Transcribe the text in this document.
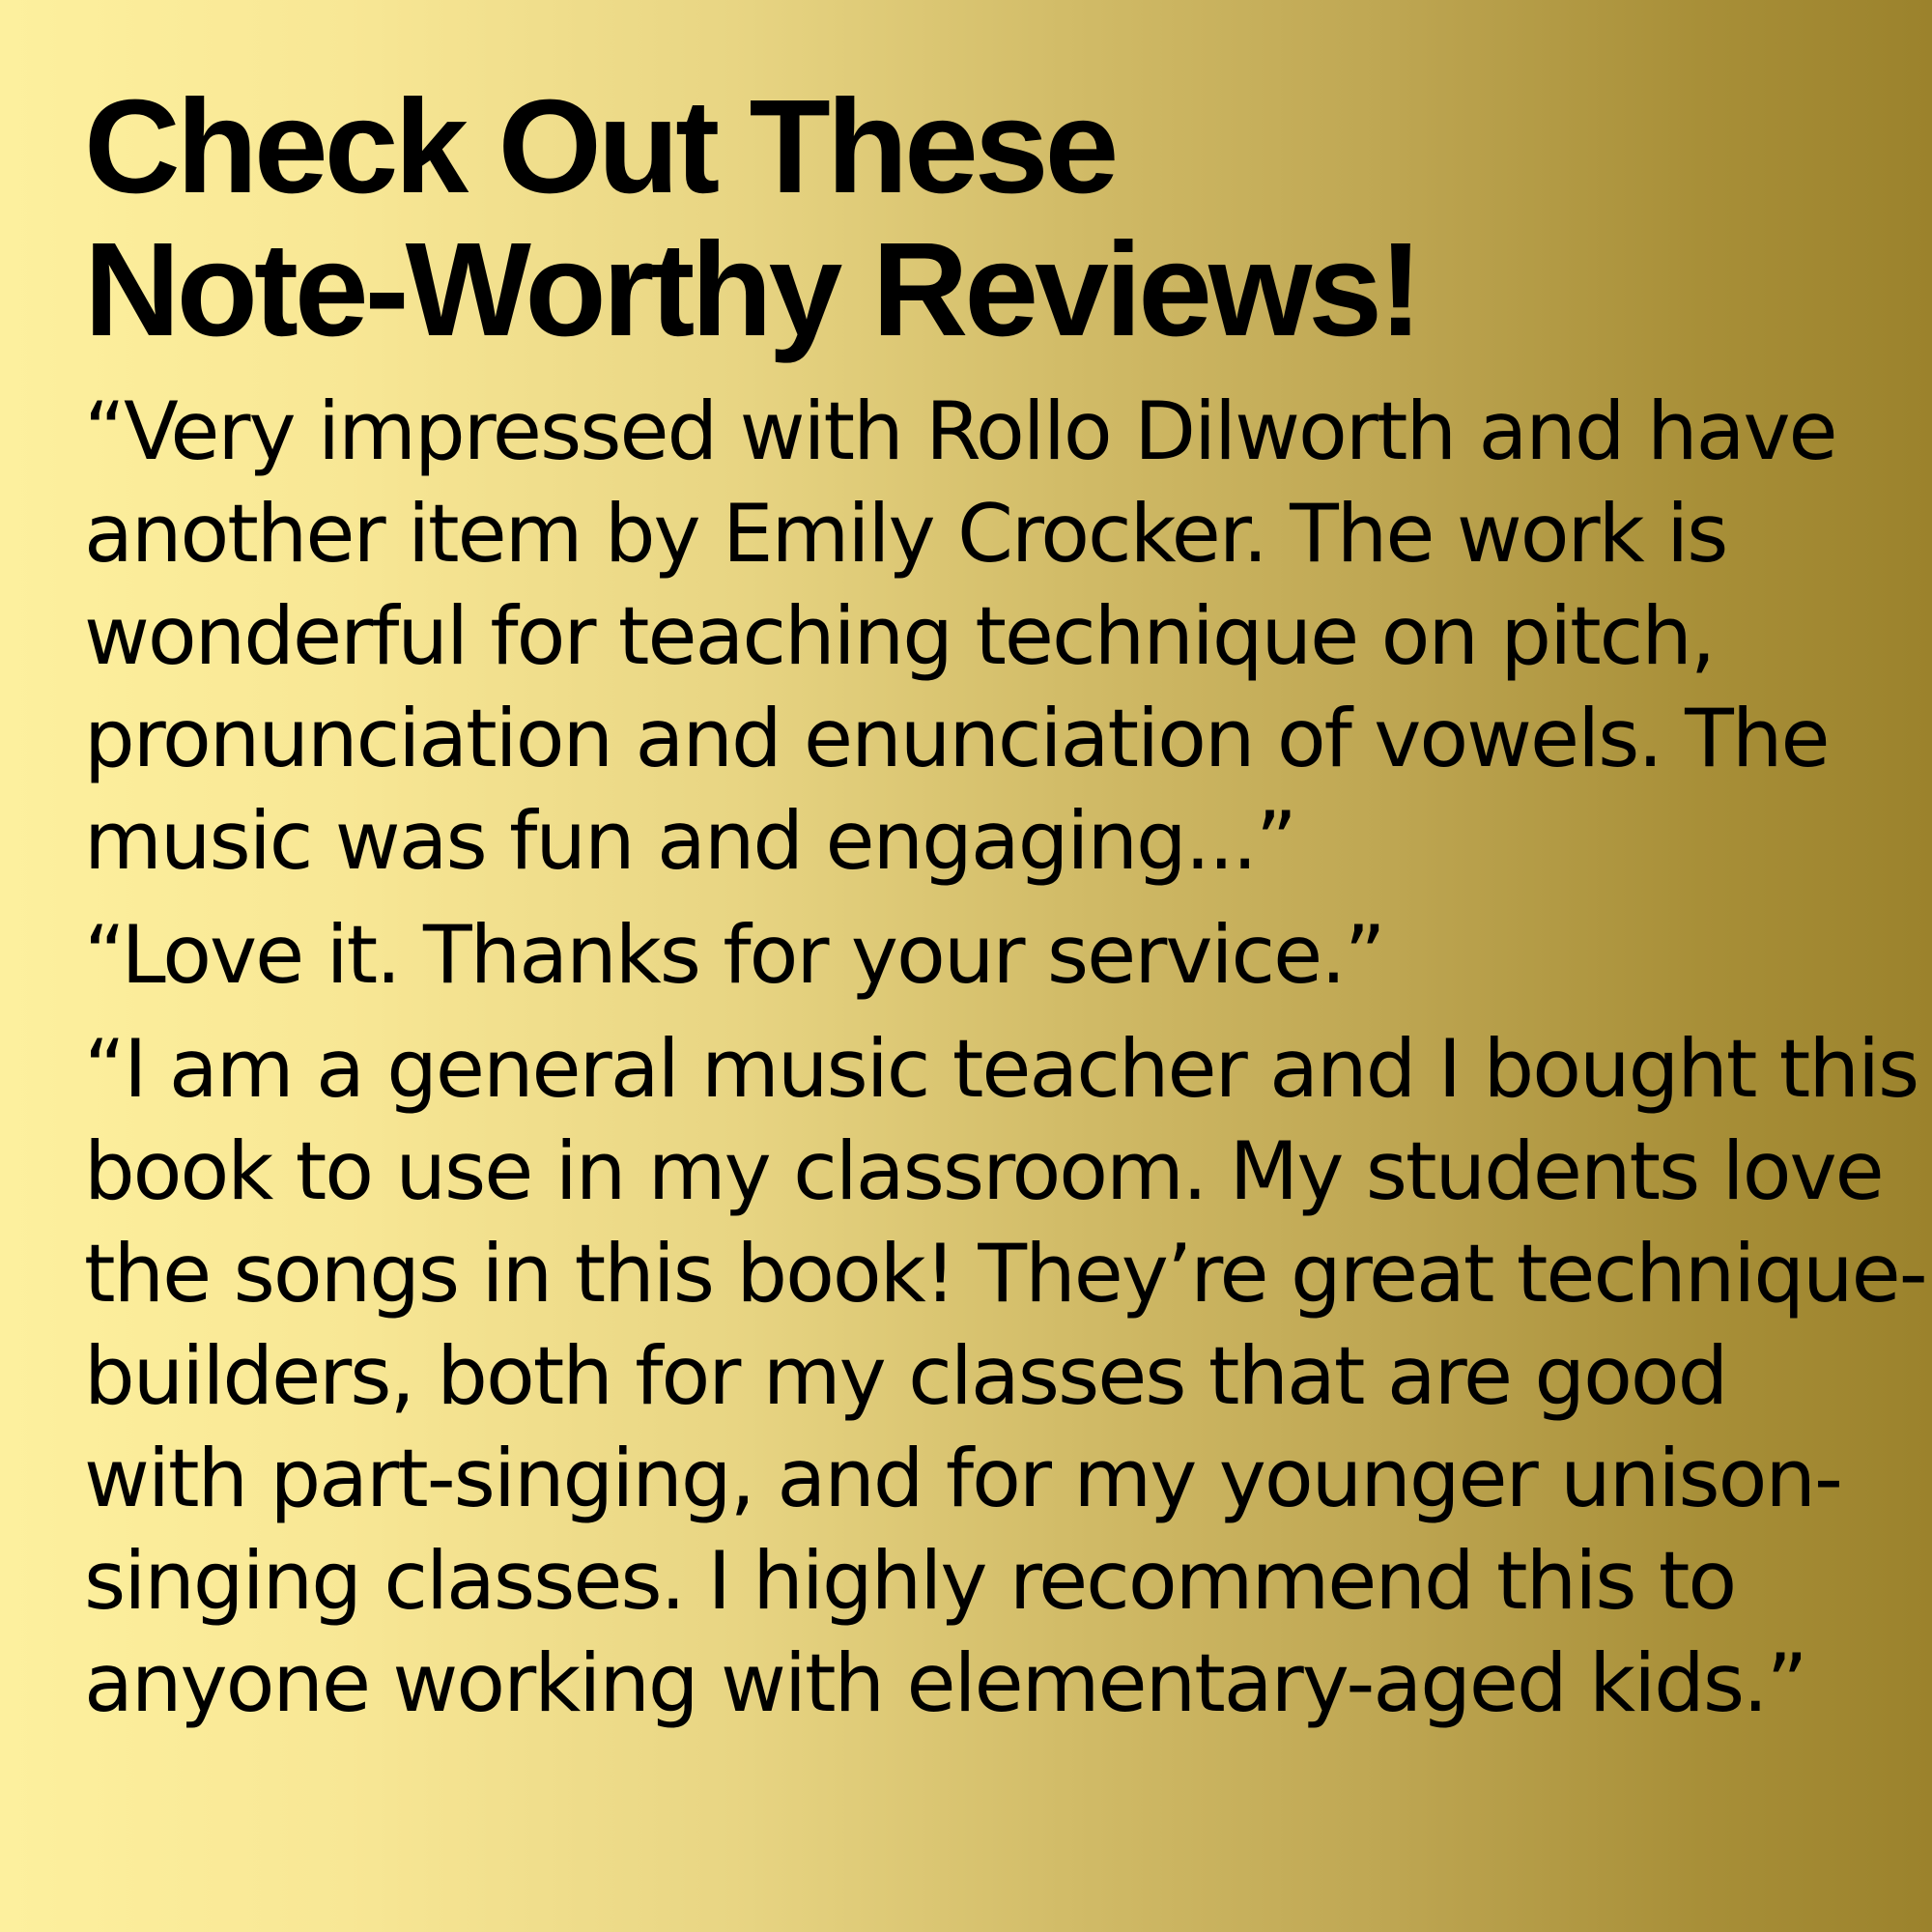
Check Out These
Note-Worthy Reviews!

“Very impressed with Rollo Dilworth and have
another item by Emily Crocker. The work is
wonderful for teaching technique on pitch,
pronunciation and enunciation of vowels. The
music was fun and engaging...”

“Love it. Thanks for your service.”

“I am a general music teacher and I bought this
book to use in my classroom. My students love
the songs in this book! They’re great technique-
builders, both for my classes that are good
with part-singing, and for my younger unison-
singing classes. I highly recommend this to
anyone working with elementary-aged kids.”
